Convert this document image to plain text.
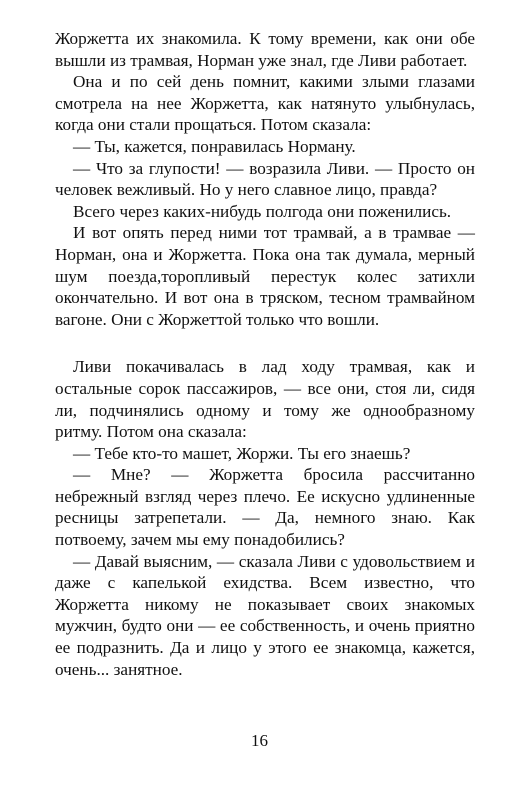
Жоржетта их знакомила. К тому времени, как они обе вышли из трамвая, Норман уже знал, где Ливи работает.

Она и по сей день помнит, какими злыми глазами смотрела на нее Жоржетта, как натянуто улыбнулась, когда они стали прощаться. Потом сказала:

— Ты, кажется, понравилась Норману.

— Что за глупости! — возразила Ливи. — Просто он человек вежливый. Но у него славное лицо, правда?

Всего через каких-нибудь полгода они поженились.

И вот опять перед ними тот трамвай, а в трамвае — Норман, она и Жоржетта. Пока она так думала, мерный шум поезда,торопливый перестук колес затихли окончательно. И вот она в тряском, тесном трамвайном вагоне. Они с Жоржеттой только что вошли.

Ливи покачивалась в лад ходу трамвая, как и остальные сорок пассажиров, — все они, стоя ли, сидя ли, подчинялись одному и тому же однообразному ритму. Потом она сказала:

— Тебе кто-то машет, Жоржи. Ты его знаешь?

— Мне? — Жоржетта бросила рассчитанно небрежный взгляд через плечо. Ее искусно удлиненные ресницы затрепетали. — Да, немного знаю. Как потвоему, зачем мы ему понадобились?

— Давай выясним, — сказала Ливи с удовольствием и даже с капелькой ехидства. Всем известно, что Жоржетта никому не показывает своих знакомых мужчин, будто они — ее собственность, и очень приятно ее подразнить. Да и лицо у этого ее знакомца, кажется, очень... занятное.

16
